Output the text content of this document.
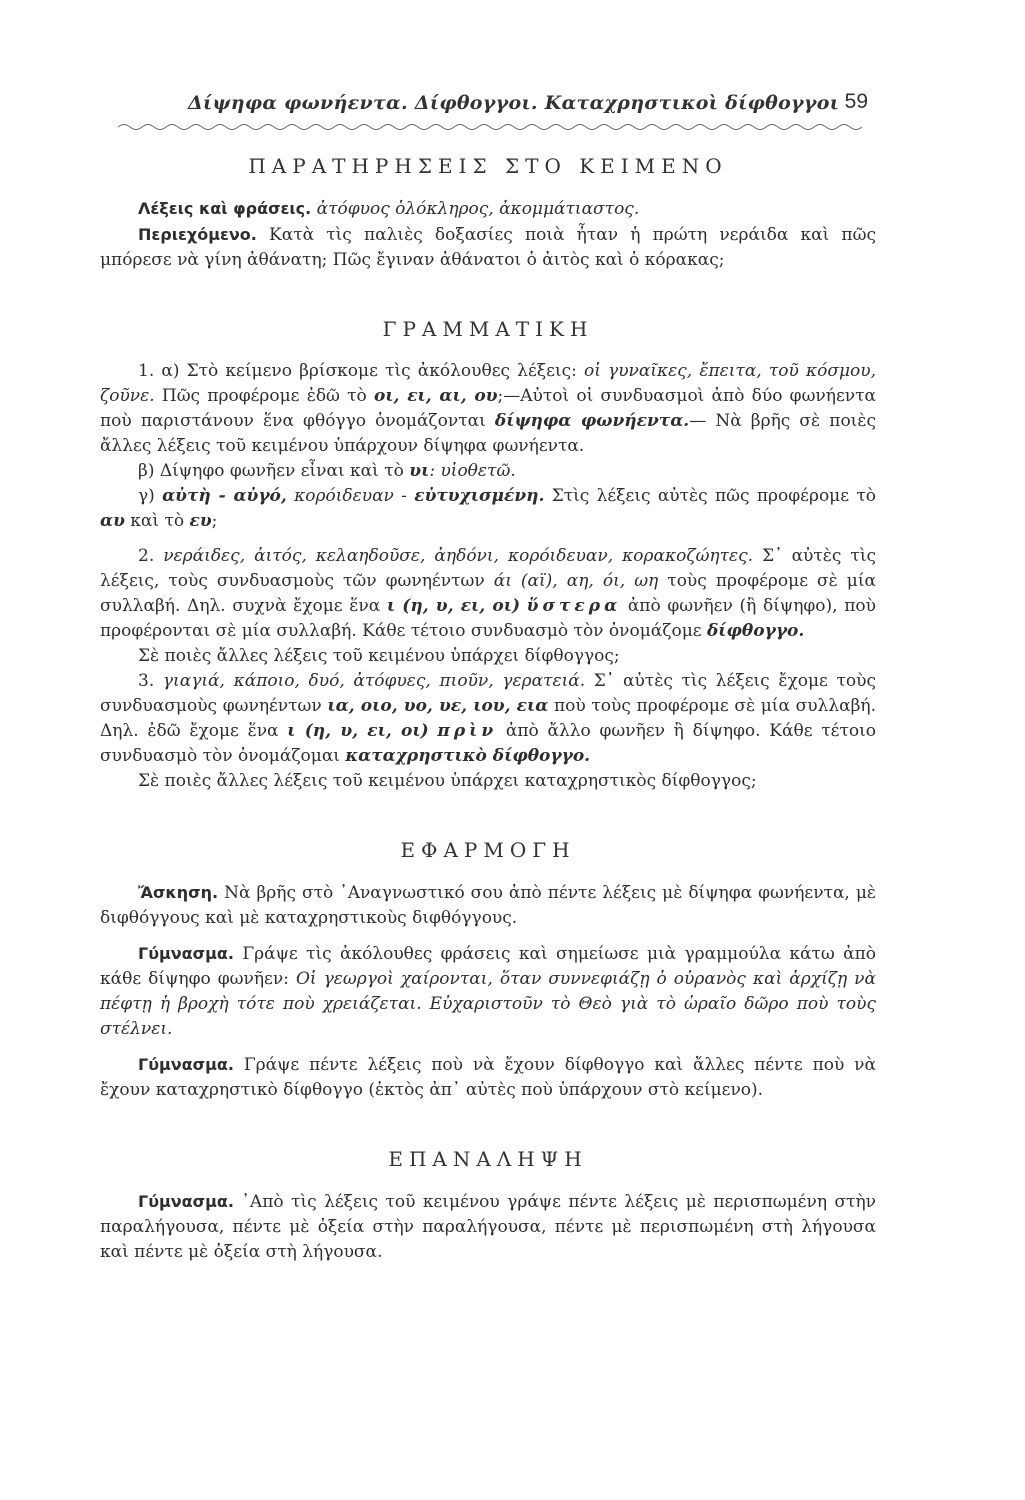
Δίψηφα φωνήεντα. Δίφθογγοι. Καταχρηστικοὶ δίφθογγοι 59
ΠΑΡΑΤΗΡΗΣΕΙΣ ΣΤΟ ΚΕΙΜΕΝΟ

Λέξεις καὶ φράσεις. ἀτόφυος ὁλόκληρος, ἀκομμάτιαστος.

Περιεχόμενο. Κατὰ τὶς παλιὲς δοξασίες ποιὰ ἦταν ἡ πρώτη νεράιδα καὶ πῶς μπόρεσε νὰ γίνη ἀθάνατη; Πῶς ἔγιναν ἀθάνατοι ὁ ἀιτὸς καὶ ὁ κόρακας;

ΓΡΑΜΜΑΤΙΚΗ

1. α) Στὸ κείμενο βρίσκομε τὶς ἀκόλουθες λέξεις: οἱ γυναῖκες, ἔπειτα, τοῦ κόσμου, ζοῦνε. Πῶς προφέρομε ἐδῶ τὸ οι, ει, αι, ου;—Αὐτοὶ οἱ συνδυασμοὶ ἀπὸ δύο φωνήεντα ποὺ παριστάνουν ἕνα φθόγγο ὀνομάζονται δίψηφα φωνήεντα.— Νὰ βρῆς σὲ ποιὲς ἄλλες λέξεις τοῦ κειμένου ὑπάρχουν δίψηφα φωνήεντα.

β) Δίψηφο φωνῆεν εἶναι καὶ τὸ υι: υἱοθετῶ.

γ) αὐτὴ - αὐγό, κορόιδευαν - εὐτυχισμένη. Στὶς λέξεις αὐτὲς πῶς προφέρομε τὸ αυ καὶ τὸ ευ;

2. νεράιδες, ἀιτός, κελαηδοῦσε, ἀηδόνι, κορόιδευαν, κορακοζώητες. Σ᾿ αὐτὲς τὶς λέξεις, τοὺς συνδυασμοὺς τῶν φωνηέντων άι (αϊ), αη, όι, ωη τοὺς προφέρομε σὲ μία συλλαβή. Δηλ. συχνὰ ἔχομε ἕνα ι (η, υ, ει, οι) ὕστερα ἀπὸ φωνῆεν (ἢ δίψηφο), ποὺ προφέρονται σὲ μία συλλαβή. Κάθε τέτοιο συνδυασμὸ τὸν ὀνομάζομε δίφθογγο.

Σὲ ποιὲς ἄλλες λέξεις τοῦ κειμένου ὑπάρχει δίφθογγος;

3. γιαγιά, κάποιο, δυό, ἀτόφυες, πιοῦν, γερατειά. Σ᾿ αὐτὲς τὶς λέξεις ἔχομε τοὺς συνδυασμοὺς φωνηέντων ια, οιο, υο, υε, ιου, εια ποὺ τοὺς προφέρομε σὲ μία συλλαβή. Δηλ. ἐδῶ ἔχομε ἕνα ι (η, υ, ει, οι) πρὶν ἀπὸ ἄλλο φωνῆεν ἢ δίψηφο. Κάθε τέτοιο συνδυασμὸ τὸν ὀνομάζομαι καταχρηστικὸ δίφθογγο.

Σὲ ποιὲς ἄλλες λέξεις τοῦ κειμένου ὑπάρχει καταχρηστικὸς δίφθογγος;

ΕΦΑΡΜΟΓΗ

Ἄσκηση. Νὰ βρῆς στὸ ᾿Αναγνωστικό σου ἀπὸ πέντε λέξεις μὲ δίψηφα φωνήεντα, μὲ διφθόγγους καὶ μὲ καταχρηστικοὺς διφθόγγους.

Γύμνασμα. Γράψε τὶς ἀκόλουθες φράσεις καὶ σημείωσε μιὰ γραμμούλα κάτω ἀπὸ κάθε δίψηφο φωνῆεν: Οἱ γεωργοὶ χαίρονται, ὅταν συννεφιάζῃ ὁ οὐρανὸς καὶ ἀρχίζῃ νὰ πέφτῃ ἡ βροχὴ τότε ποὺ χρειάζεται. Εὐχαριστοῦν τὸ Θεὸ γιὰ τὸ ὡραῖο δῶρο ποὺ τοὺς στέλνει.

Γύμνασμα. Γράψε πέντε λέξεις ποὺ νὰ ἔχουν δίφθογγο καὶ ἄλλες πέντε ποὺ νὰ ἔχουν καταχρηστικὸ δίφθογγο (ἐκτὸς ἀπ᾿ αὐτὲς ποὺ ὑπάρχουν στὸ κείμενο).

ΕΠΑΝΑΛΗΨΗ

Γύμνασμα. ᾿Απὸ τὶς λέξεις τοῦ κειμένου γράψε πέντε λέξεις μὲ περισπωμένη στὴν παραλήγουσα, πέντε μὲ ὀξεία στὴν παραλήγουσα, πέντε μὲ περισπωμένη στὴ λήγουσα καὶ πέντε μὲ ὀξεία στὴ λήγουσα.
